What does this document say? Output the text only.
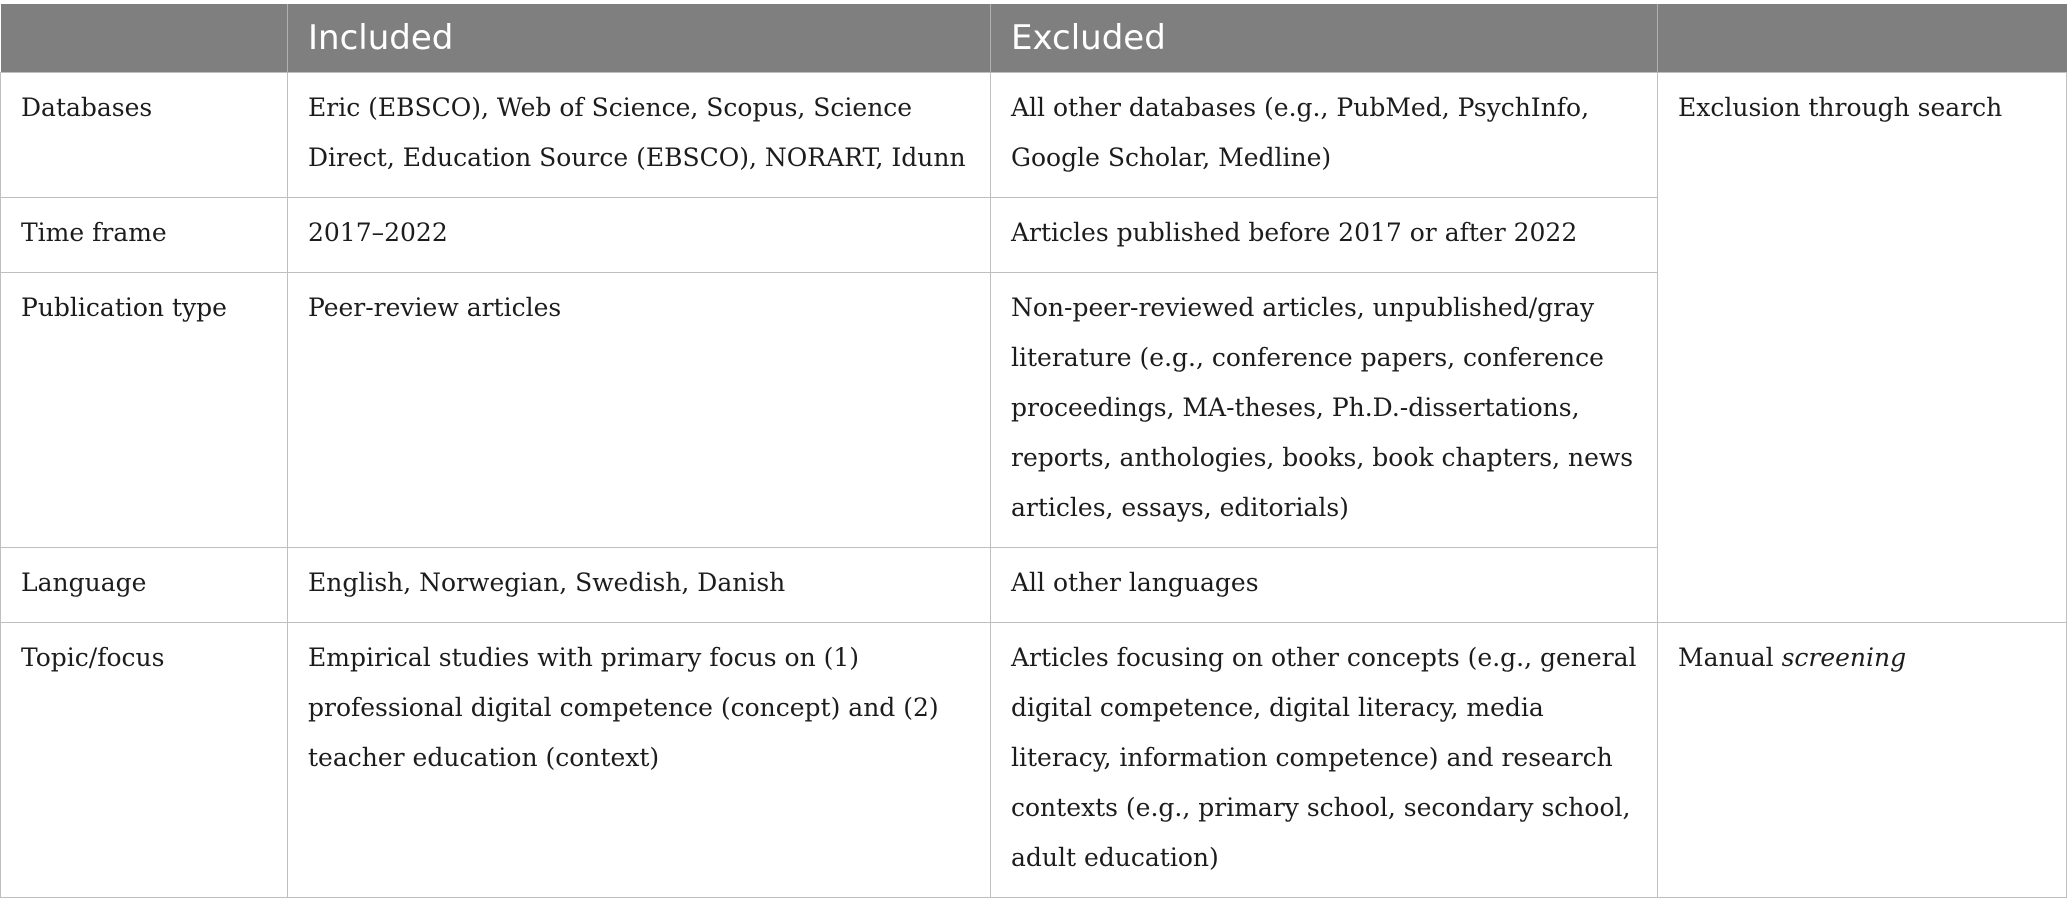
	Included	Excluded	
Databases	Eric (EBSCO), Web of Science, Scopus, Science Direct, Education Source (EBSCO), NORART, Idunn	All other databases (e.g., PubMed, PsychInfo, Google Scholar, Medline)	Exclusion through search
Time frame	2017–2022	Articles published before 2017 or after 2022	
Publication type	Peer-review articles	Non-peer-reviewed articles, unpublished/gray literature (e.g., conference papers, conference proceedings, MA-theses, Ph.D.-dissertations, reports, anthologies, books, book chapters, news articles, essays, editorials)	
Language	English, Norwegian, Swedish, Danish	All other languages	
Topic/focus	Empirical studies with primary focus on (1) professional digital competence (concept) and (2) teacher education (context)	Articles focusing on other concepts (e.g., general digital competence, digital literacy, media literacy, information competence) and research contexts (e.g., primary school, secondary school, adult education)	Manual screening
